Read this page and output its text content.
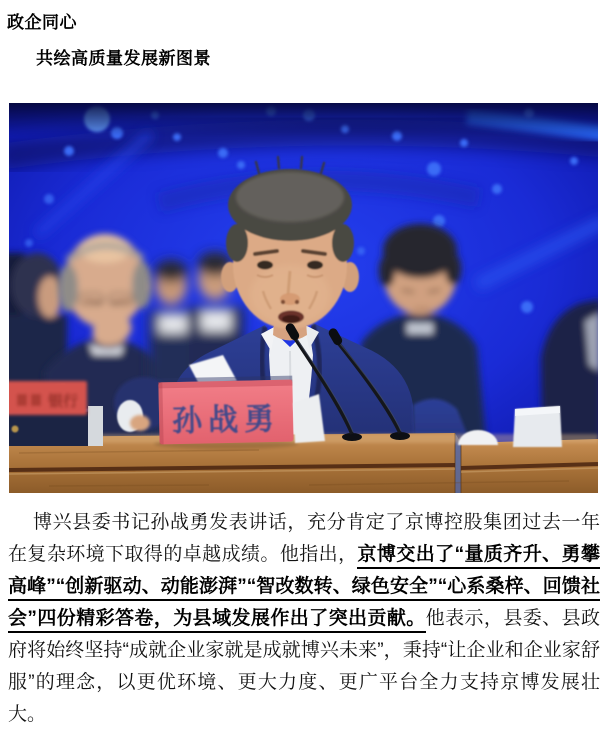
政企同心
共绘高质量发展新图景
银行
孙战勇

博兴县委书记孙战勇发表讲话，充分肯定了京博控股集团过去一年在复杂环境下取得的卓越成绩。他指出，京博交出了“量质齐升、勇攀高峰”“创新驱动、动能澎湃”“智改数转、绿色安全”“心系桑梓、回馈社会”四份精彩答卷，为县域发展作出了突出贡献。他表示，县委、县政府将始终坚持“成就企业家就是成就博兴未来”，秉持“让企业和企业家舒服”的理念，以更优环境、更大力度、更广平台全力支持京博发展壮大。
